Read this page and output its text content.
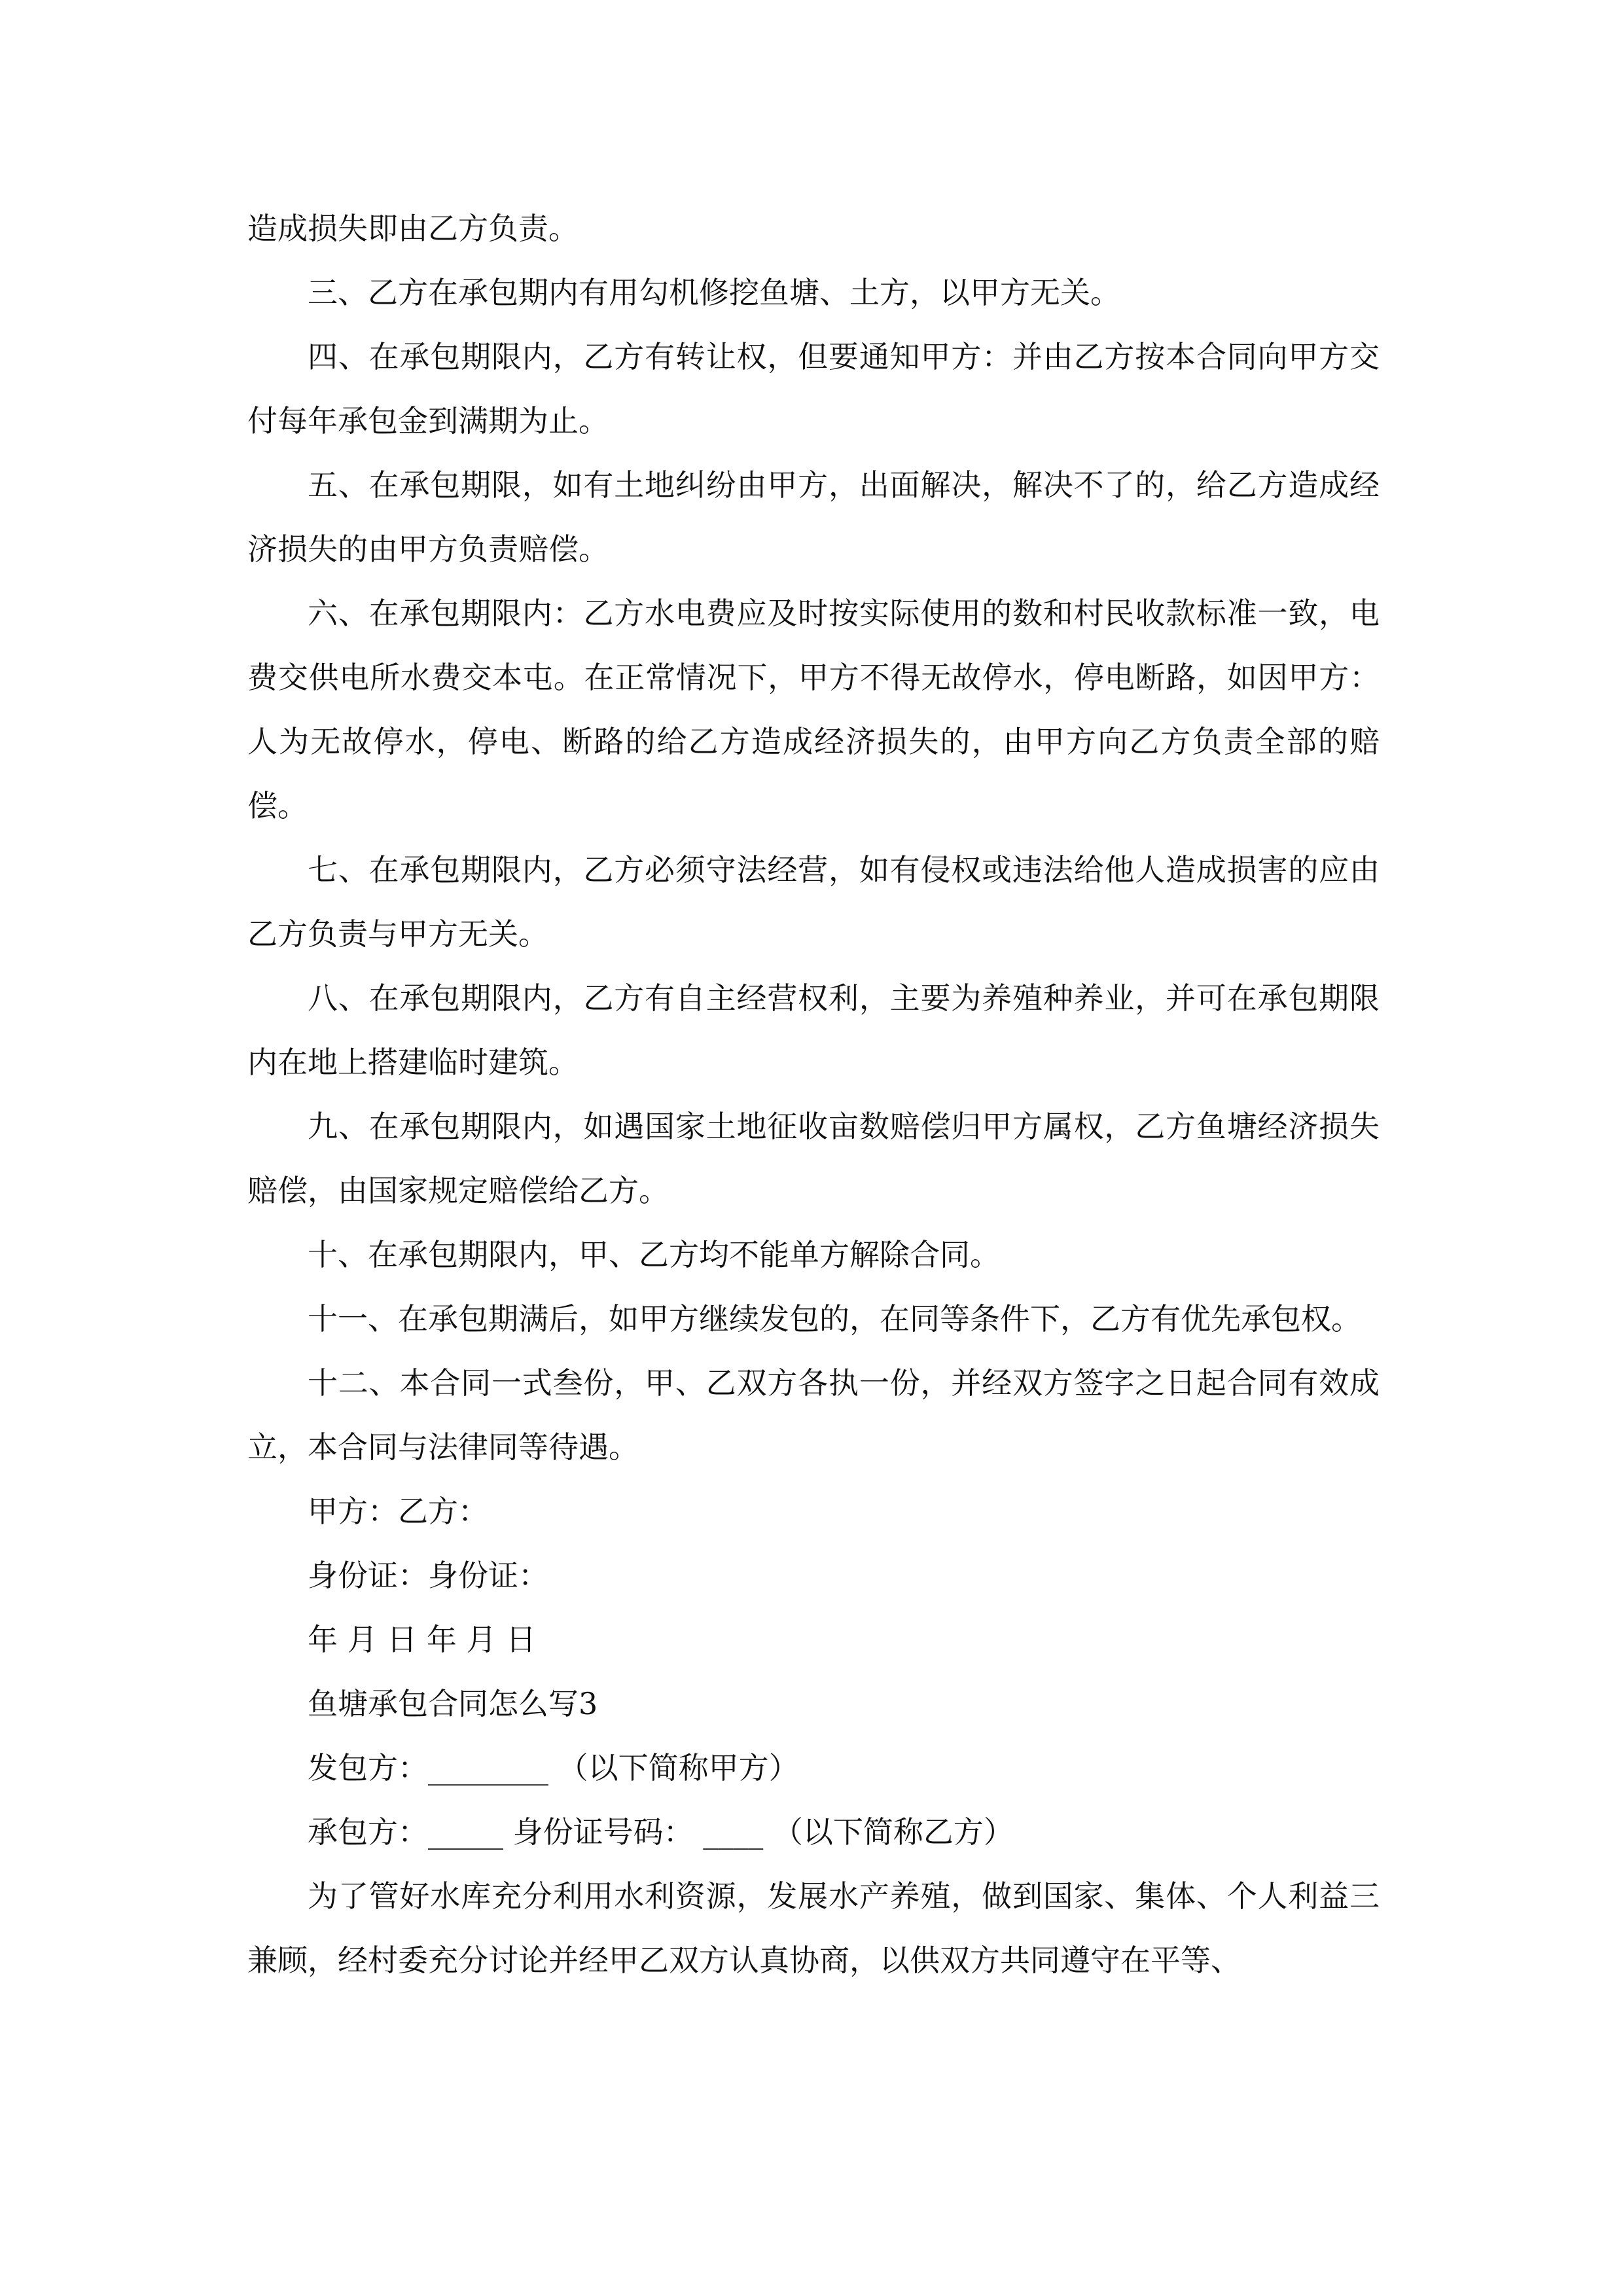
造成损失即由乙方负责。

三、乙方在承包期内有用勾机修挖鱼塘、土方，以甲方无关。

四、在承包期限内，乙方有转让权，但要通知甲方：并由乙方按本合同向甲方交付每年承包金到满期为止。

五、在承包期限，如有土地纠纷由甲方，出面解决，解决不了的，给乙方造成经济损失的由甲方负责赔偿。

六、在承包期限内：乙方水电费应及时按实际使用的数和村民收款标准一致，电费交供电所水费交本屯。在正常情况下，甲方不得无故停水，停电断路，如因甲方：人为无故停水，停电、断路的给乙方造成经济损失的，由甲方向乙方负责全部的赔偿。

七、在承包期限内，乙方必须守法经营，如有侵权或违法给他人造成损害的应由乙方负责与甲方无关。

八、在承包期限内，乙方有自主经营权利，主要为养殖种养业，并可在承包期限内在地上搭建临时建筑。

九、在承包期限内，如遇国家土地征收亩数赔偿归甲方属权，乙方鱼塘经济损失赔偿，由国家规定赔偿给乙方。

十、在承包期限内，甲、乙方均不能单方解除合同。

十一、在承包期满后，如甲方继续发包的，在同等条件下，乙方有优先承包权。

十二、本合同一式叁份，甲、乙双方各执一份，并经双方签字之日起合同有效成立，本合同与法律同等待遇。

甲方：乙方：

身份证：身份证：

年 月 日 年 月 日

鱼塘承包合同怎么写3

发包方：________ （以下简称甲方）

承包方：_____ 身份证号码： ____ （以下简称乙方）

为了管好水库充分利用水利资源，发展水产养殖，做到国家、集体、个人利益三兼顾，经村委充分讨论并经甲乙双方认真协商，以供双方共同遵守在平等、
